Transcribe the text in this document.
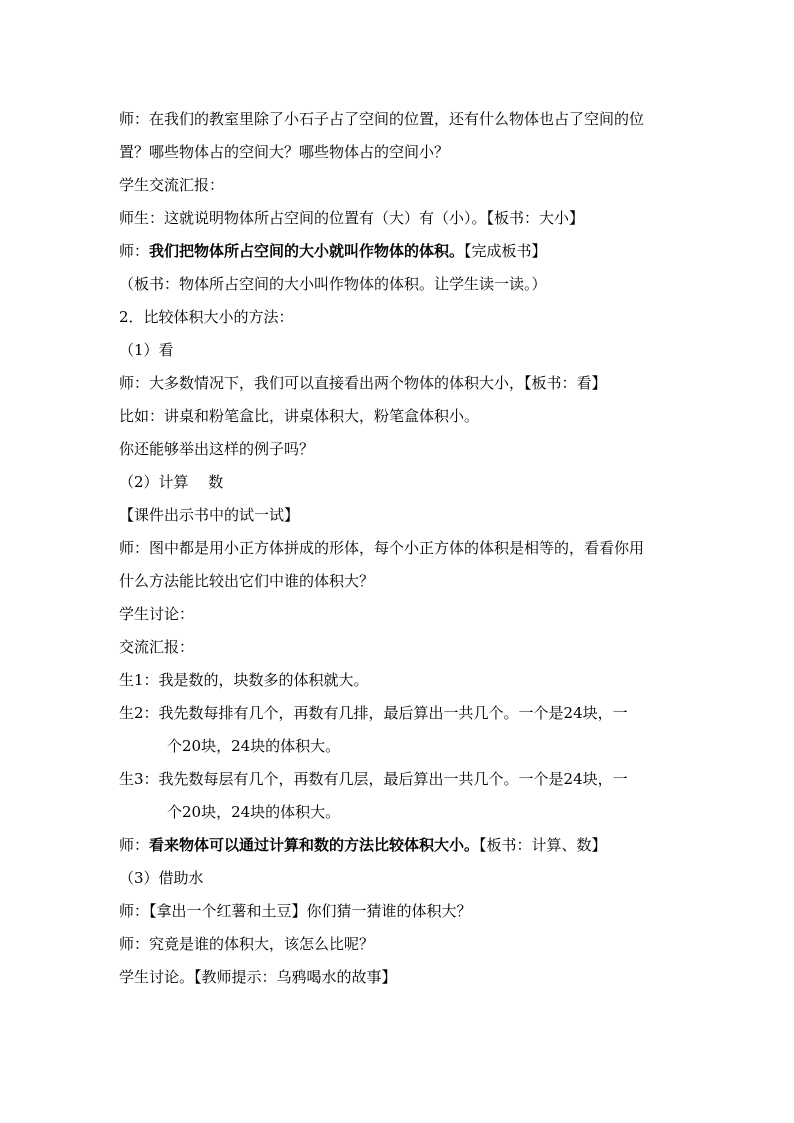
师：在我们的教室里除了小石子占了空间的位置，还有什么物体也占了空间的位
置？哪些物体占的空间大？哪些物体占的空间小？
学生交流汇报：
师生：这就说明物体所占空间的位置有（大）有（小）。【板书：大小】
师：我们把物体所占空间的大小就叫作物体的体积。【完成板书】
（板书：物体所占空间的大小叫作物体的体积。让学生读一读。）
2．比较体积大小的方法：
（1）看
师：大多数情况下，我们可以直接看出两个物体的体积大小，【板书：看】
比如：讲桌和粉笔盒比，讲桌体积大，粉笔盒体积小。
你还能够举出这样的例子吗？
（2）计算　 数
【课件出示书中的试一试】
师：图中都是用小正方体拼成的形体，每个小正方体的体积是相等的，看看你用
什么方法能比较出它们中谁的体积大？
学生讨论：
交流汇报：
生1：我是数的，块数多的体积就大。
生2：我先数每排有几个，再数有几排，最后算出一共几个。一个是24块，一
个20块，24块的体积大。
生3：我先数每层有几个，再数有几层，最后算出一共几个。一个是24块，一
个20块，24块的体积大。
师：看来物体可以通过计算和数的方法比较体积大小。【板书：计算、数】
（3）借助水
师：【拿出一个红薯和土豆】你们猜一猜谁的体积大？
师：究竟是谁的体积大，该怎么比呢？
学生讨论。【教师提示：乌鸦喝水的故事】
